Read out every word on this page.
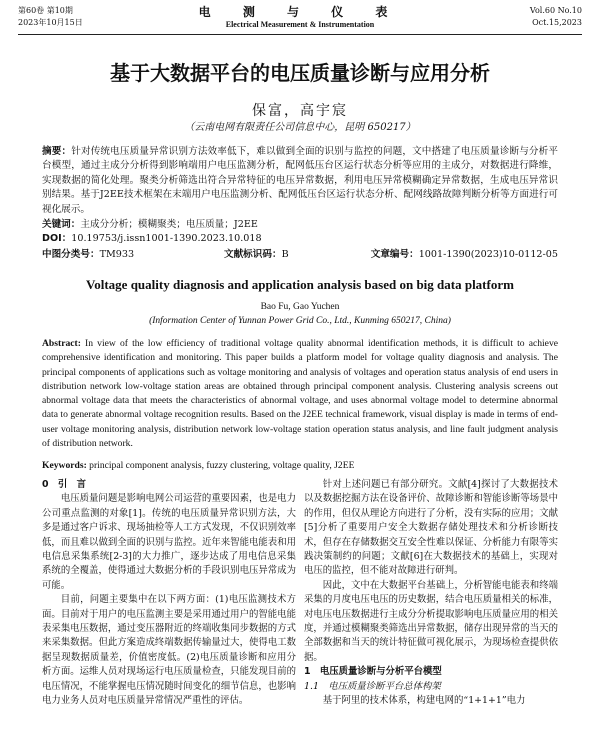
第60卷 第10期
2023年10月15日
电 测 与 仪 表
Electrical Measurement & Instrumentation
Vol.60 No.10
Oct.15,2023
基于大数据平台的电压质量诊断与应用分析
保富，高宇宸
（云南电网有限责任公司信息中心，昆明 650217）
摘要：针对传统电压质量异常识别方法效率低下，难以做到全面的识别与监控的问题，文中搭建了电压质量诊断与分析平台模型，通过主成分分析得到影响端用户电压监测分析，配网低压台区运行状态分析等应用的主成分，对数据进行降维，实现数据的简化处理。聚类分析筛选出符合异常特征的电压异常数据，利用电压异常模糊确定异常数据，生成电压异常识别结果。基于J2EE技术框架在末端用户电压监测分析、配网低压台区运行状态分析、配网线路故障判断分析等方面进行可视化展示。
关键词：主成分分析；模糊聚类；电压质量；J2EE
DOI：10.19753/j.issn1001-1390.2023.10.018
中图分类号：TM933	文献标识码：B	文章编号：1001-1390(2023)10-0112-05
Voltage quality diagnosis and application analysis based on big data platform
Bao Fu, Gao Yuchen
(Information Center of Yunnan Power Grid Co., Ltd., Kunming 650217, China)
Abstract: In view of the low efficiency of traditional voltage quality abnormal identification methods, it is difficult to achieve comprehensive identification and monitoring. This paper builds a platform model for voltage quality diagnosis and analysis. The principal components of applications such as voltage monitoring and analysis of voltages and operation status analysis of end users in distribution network low-voltage station areas are obtained through principal component analysis. Clustering analysis screens out abnormal voltage data that meets the characteristics of abnormal voltage, and uses abnormal voltage model to determine abnormal data to generate abnormal voltage recognition results. Based on the J2EE technical framework, visual display is made in terms of end-user voltage monitoring analysis, distribution network low-voltage station operation status analysis, and line fault judgment analysis of distribution network.
Keywords: principal component analysis, fuzzy clustering, voltage quality, J2EE

0　引　言

电压质量问题是影响电网公司运营的重要因素，也是电力公司重点监测的对象[1]。传统的电压质量异常识别方法，大多是通过客户诉求、现场抽检等人工方式发现，不仅识别效率低，而且难以做到全面的识别与监控。近年来智能电能表和用电信息采集系统[2-3]的大力推广，逐步达成了用电信息采集系统的全覆盖，使得通过大数据分析的手段识别电压异常成为可能。

目前，问题主要集中在以下两方面：(1)电压监测技术方面。目前对于用户的电压监测主要是采用通过用户的智能电能表采集电压数据，通过变压器附近的终端收集同步数据的方式来采集数据。但此方案造成终端数据传输量过大，使得电工数据呈现数据质量差，价值密度低。(2)电压质量诊断和应用分析方面。运维人员对现场运行电压质量检查，只能发现目前的电压情况，不能掌握电压情况随时间变化的细节信息，也影响电力业务人员对电压质量异常情况严重性的评估。

针对上述问题已有部分研究。文献[4]探讨了大数据技术以及数据挖掘方法在设备评价、故障诊断和智能诊断等场景中的作用，但仅从理论方向进行了分析，没有实际的应用；文献[5]分析了重要用户安全大数据存储处理技术和分析诊断技术，但存在存储数据交互安全性难以保证、分析能力有限等实践决策制约的问题；文献[6]在大数据技术的基础上，实现对电压的监控，但不能对故障进行研判。

因此，文中在大数据平台基础上，分析智能电能表和终端采集的月度电压电压的历史数据，结合电压质量相关的标准，对电压电压数据进行主成分分析提取影响电压质量应用的相关度，并通过模糊聚类筛选出异常数据，储存出现异常的当天的全部数据和当天的统计特征做可视化展示，为现场检查提供依据。

1　电压质量诊断与分析平台模型

1.1　电压质量诊断平台总体构架

基于阿里的技术体系，构建电网的“1+1+1”电力
